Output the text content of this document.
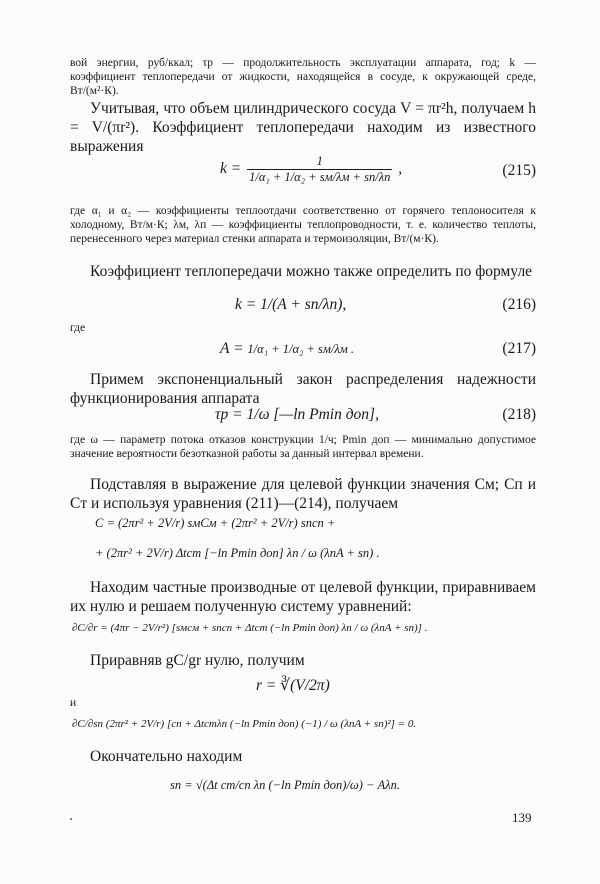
вой энергии, руб/ккал; τр — продолжительность эксплуатации аппарата, год; k — коэффициент теплопередачи от жидкости, находящейся в сосуде, к окружающей среде, Вт/(м²·К).

Учитывая, что объем цилиндрического сосуда V = πr²h, получаем h = V/(πr²). Коэффициент теплопередачи находим из известного выражения

k =	1
1/α₁ + 1/α₂ + sм/λм + sп/λп ,	(215)

где α₁ и α₂ — коэффициенты теплоотдачи соответственно от горячего теплоносителя к холодному, Вт/м·К; λм, λп — коэффициенты теплопроводности, т. е. количество теплоты, перенесенного через материал стенки аппарата и термоизоляции, Вт/(м·К).

Коэффициент теплопередачи можно также определить по формуле

k = 1/(A + sп/λп),	(216)
где
A = 1/α₁ + 1/α₂ + sм/λм .	(217)

Примем экспоненциальный закон распределения надежности функционирования аппарата

τр = 1/ω [—ln Pmin доп],	(218)

где ω — параметр потока отказов конструкции 1/ч; Pmin доп — минимально допустимое значение вероятности безотказной работы за данный интервал времени.

Подставляя в выражение для целевой функции значения Cм; Cп и Cт и используя уравнения (211)—(214), получаем

C = (2πr² + 2V/r) sмCм + (2πr² + 2V/r) sпcп +
+ (2πr² + 2V/r) Δtcт [−ln Pmin доп] λп / ω (λпA + sп) .

Находим частные производные от целевой функции, приравниваем их нулю и решаем полученную систему уравнений:

∂C/∂r = (4πr − 2V/r²) [sмcм + sпcп + Δtcт (−ln Pmin доп) λп / ω (λпA + sп)] .

Приравняв gC/gr нулю, получим

r = ∛(V/2π)
и
∂C/∂sп (2πr² + 2V/r) [cп + Δtcтλп (−ln Pmin доп) (−1) / ω (λпA + sп)²] = 0.

Окончательно находим

sп = √(Δt cт/cп λп (−ln Pmin доп)/ω) − Aλп.
139
